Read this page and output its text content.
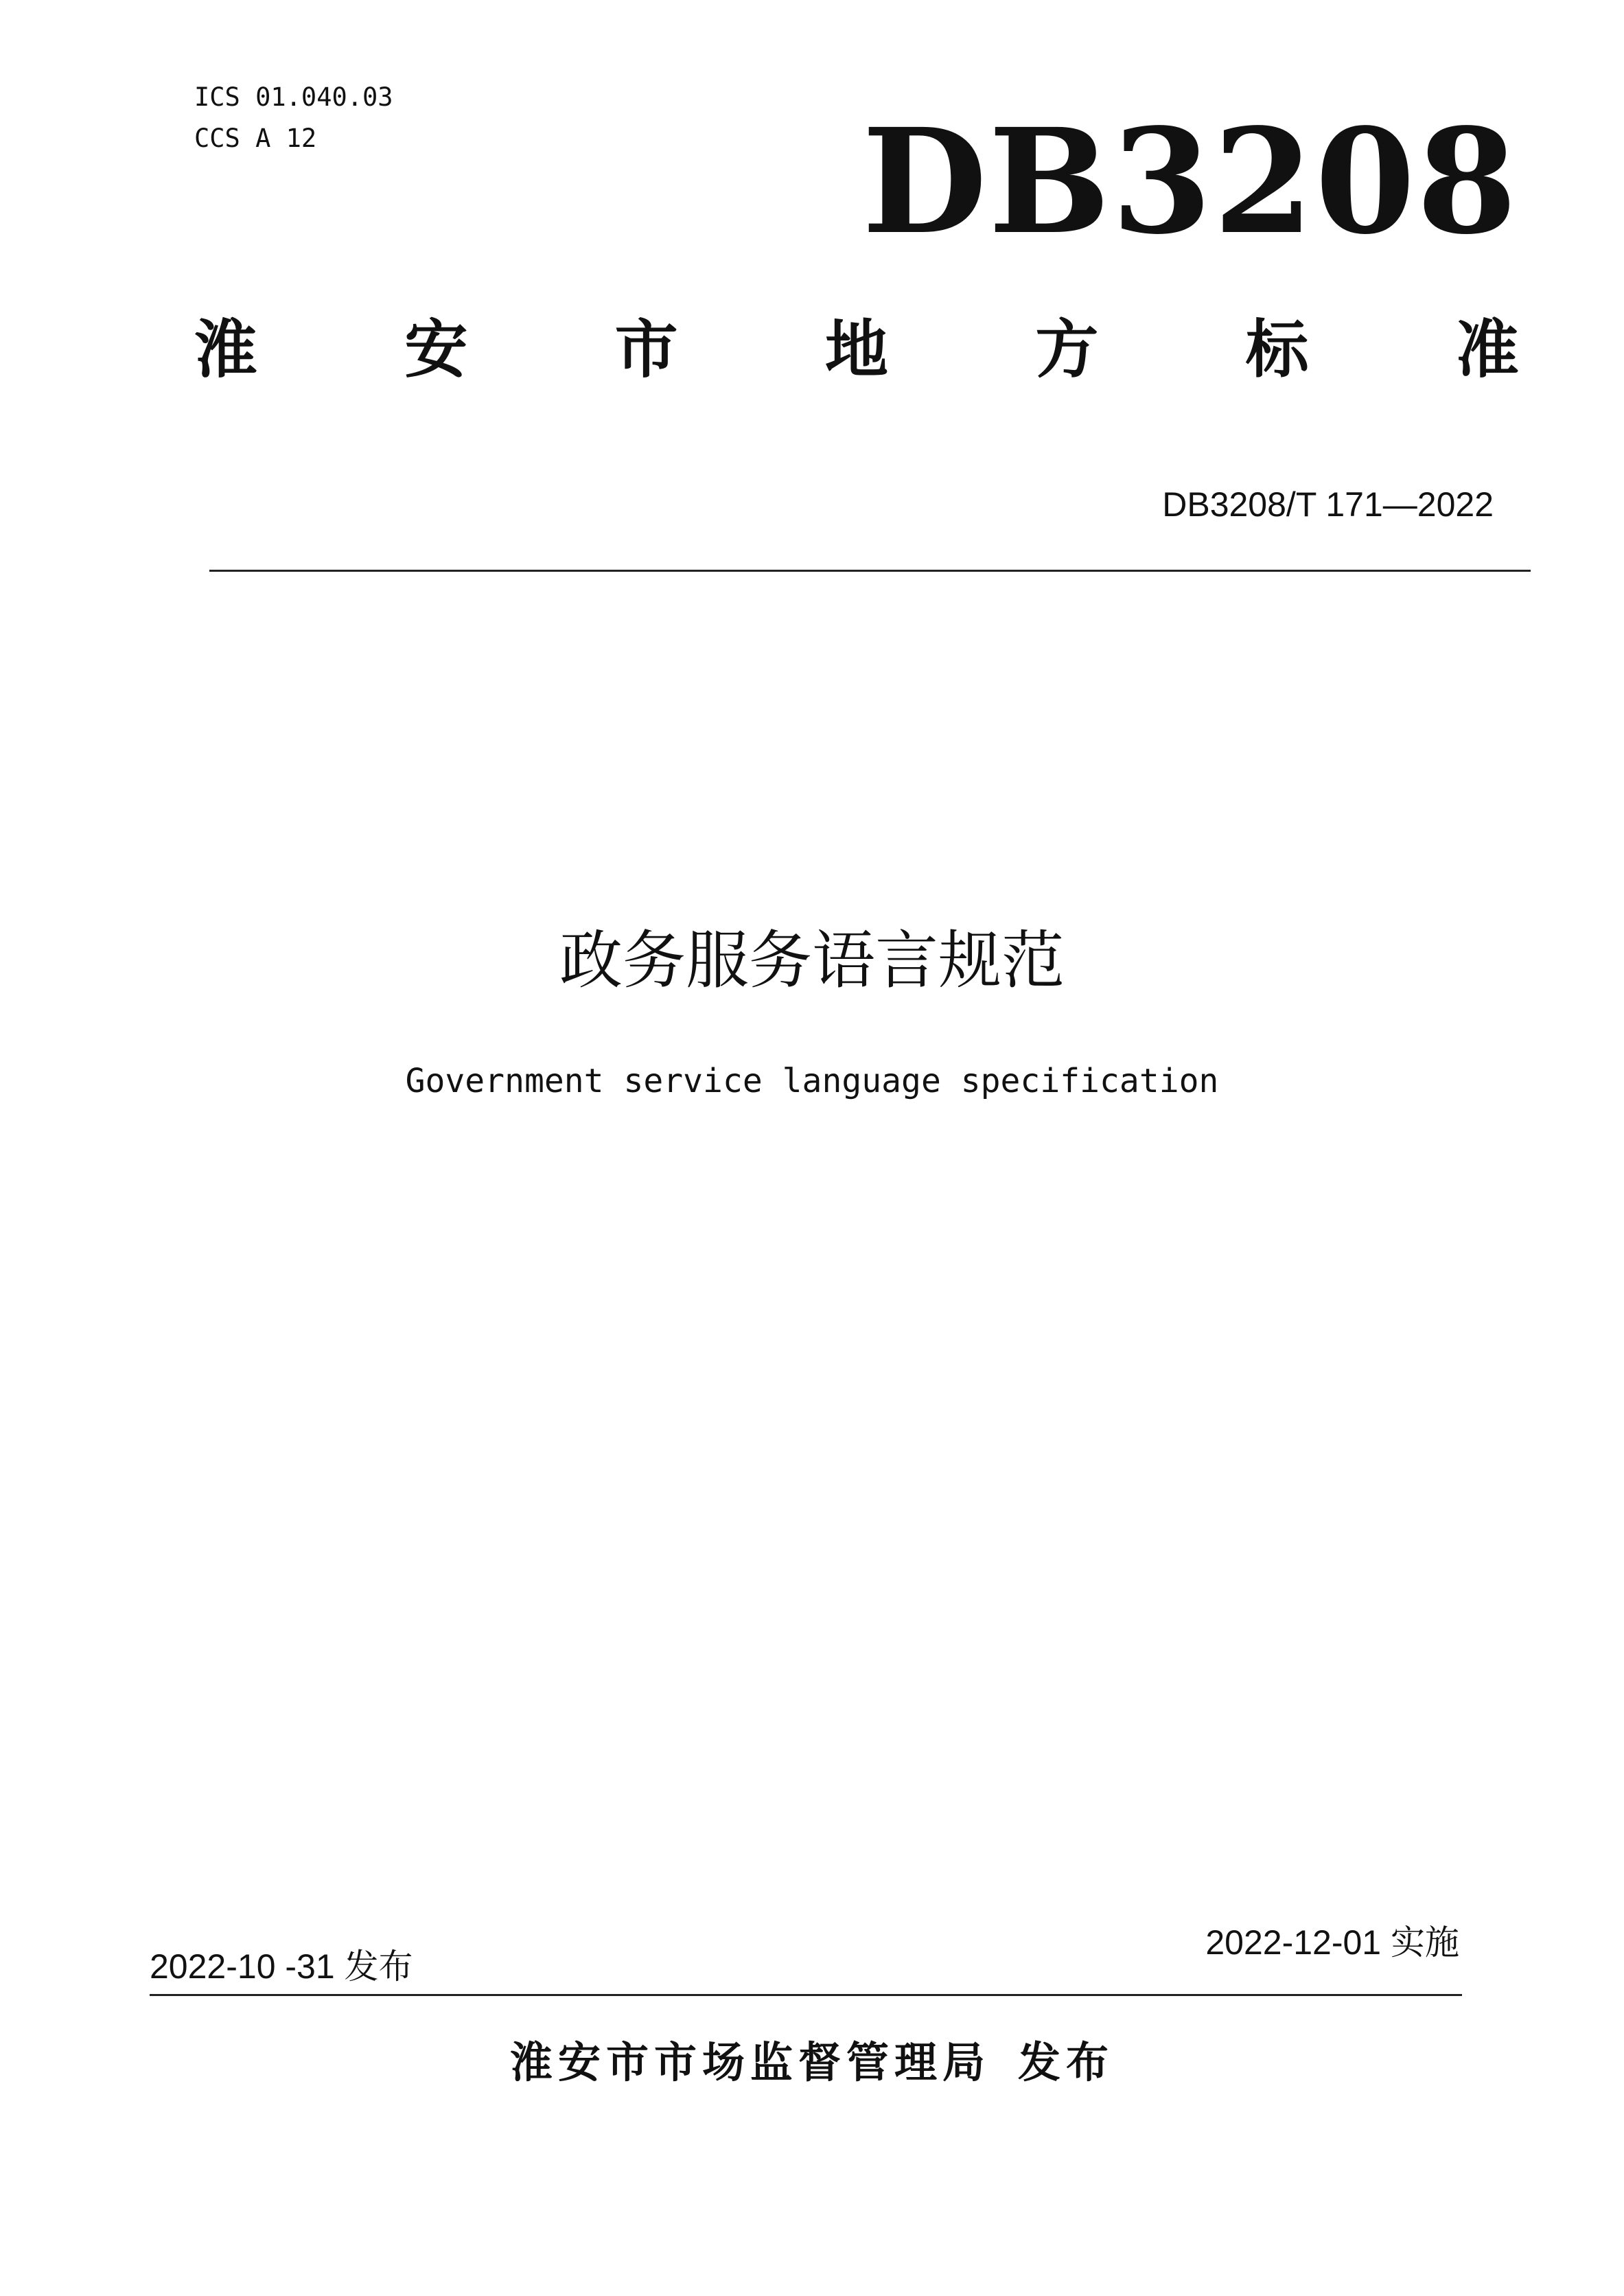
ICS 01.040.03
CCS A 12	DB3208
淮 安 市 地 方 标 准
DB3208/T 171—2022
政务服务语言规范
Government service language specification
2022-10 -31 发布
2022-12-01 实施
淮安市市场监督管理局 发布
